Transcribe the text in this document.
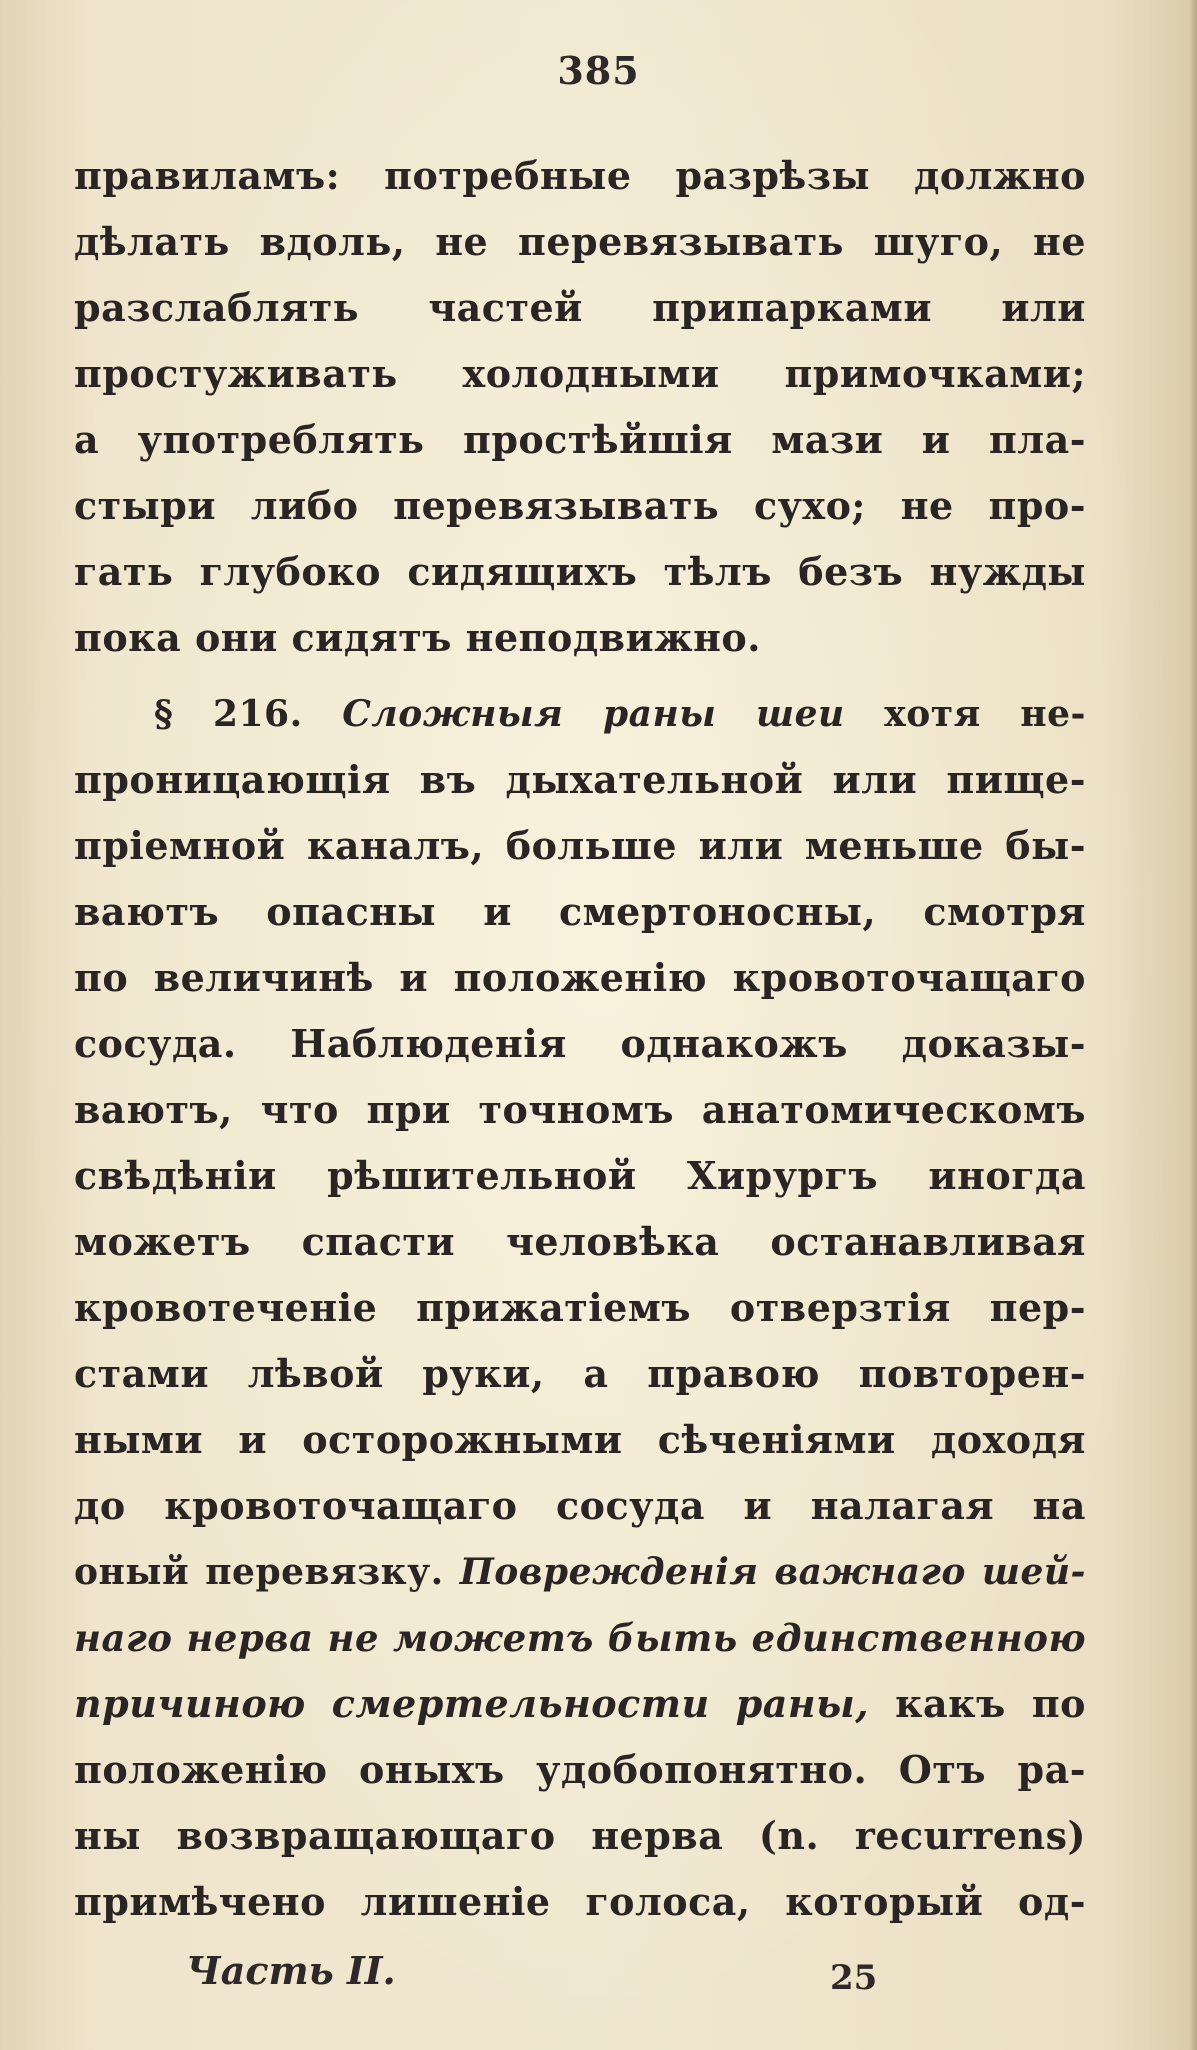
385
правиламъ: потребные разрѣзы должно
дѣлать вдоль, не перевязывать шуго, не
разслаблять частей припарками или
простуживать холодными примочками;
а употреблять простѣйшія мази и пла-
стыри либо перевязывать сухо; не про-
гать глубоко сидящихъ тѣлъ безъ нужды
пока они сидятъ неподвижно.
§ 216. Сложныя раны шеи хотя не-
проницающія въ дыхательной или пище-
пріемной каналъ, больше или меньше бы-
ваютъ опасны и смертоносны, смотря
по величинѣ и положенію кровоточащаго
сосуда. Наблюденія однакожъ доказы-
ваютъ, что при точномъ анатомическомъ
свѣдѣніи рѣшительной Хирургъ иногда
можетъ спасти человѣка останавливая
кровотеченіе прижатіемъ отверзтія пер-
стами лѣвой руки, а правою повторен-
ными и осторожными сѣченіями доходя
до кровоточащаго сосуда и налагая на
оный перевязку. Поврежденія важнаго шей-
наго нерва не можетъ быть единственною
причиною смертельности раны, какъ по
положенію оныхъ удобопонятно. Отъ ра-
ны возвращающаго нерва (n. recurrens)
примѣчено лишеніе голоса, который од-
Часть II.	25
